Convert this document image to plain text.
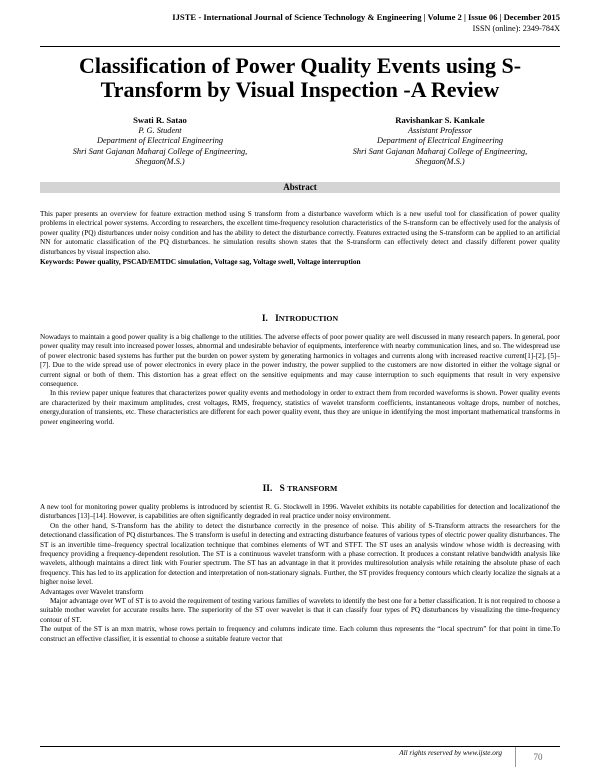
IJSTE - International Journal of Science Technology & Engineering | Volume 2 | Issue 06 | December 2015
ISSN (online): 2349-784X
Classification of Power Quality Events using S-Transform by Visual Inspection -A Review
Swati R. Satao
P. G. Student
Department of Electrical Engineering
Shri Sant Gajanan Maharaj College of Engineering,
Shegaon(M.S.)
Ravishankar S. Kankale
Assistant Professor
Department of Electrical Engineering
Shri Sant Gajanan Maharaj College of Engineering,
Shegaon(M.S.)
Abstract

This paper presents an overview for feature extraction method using S transform from a disturbance waveform which is a new useful tool for classification of power quality problems in electrical power systems. According to researchers, the excellent time-frequency resolution characteristics of the S-transform can be effectively used for the analysis of power quality (PQ) disturbances under noisy condition and has the ability to detect the disturbance correctly. Features extracted using the S-transform can be applied to an artificial NN for automatic classification of the PQ disturbances. he simulation results shown states that the S-transform can effectively detect and classify different power quality disturbances by visual inspection also.

Keywords: Power quality, PSCAD/EMTDC simulation, Voltage sag, Voltage swell, Voltage interruption

I. INTRODUCTION

Nowadays to maintain a good power quality is a big challenge to the utilities. The adverse effects of poor power quality are well discussed in many research papers. In general, poor power quality may result into increased power losses, abnormal and undesirable behavior of equipments, interference with nearby communication lines, and so. The widespread use of power electronic based systems has further put the burden on power system by generating harmonics in voltages and currents along with increased reactive current[1]-[2], [5]–[7]. Due to the wide spread use of power electronics in every place in the power industry, the power supplied to the customers are now distorted in either the voltage signal or current signal or both of them. This distortion has a great effect on the sensitive equipments and may cause interruption to such equipments that result in very expensive consequence.

In this review paper unique features that characterizes power quality events and methodology in order to extract them from recorded waveforms is shown. Power quality events are characterized by their maximum amplitudes, crest voltages, RMS, frequency, statistics of wavelet transform coefficients, instantaneous voltage drops, number of notches, energy,duration of transients, etc. These characteristics are different for each power quality event, thus they are unique in identifying the most important mathematical transforms in power engineering world.

II. S TRANSFORM

A new tool for monitoring power quality problems is introduced by scientist R. G. Stockwell in 1996. Wavelet exhibits its notable capabilities for detection and localizationof the disturbances [13]–[14]. However, is capabilities are often significantly degraded in real practice under noisy environment.

On the other hand, S-Transform has the ability to detect the disturbance correctly in the presence of noise. This ability of S-Transform attracts the researchers for the detectionand classification of PQ disturbances. The S transform is useful in detecting and extracting disturbance features of various types of electric power quality disturbances. The ST is an invertible time–frequency spectral localization technique that combines elements of WT and STFT. The ST uses an analysis window whose width is decreasing with frequency providing a frequency-dependent resolution. The ST is a continuous wavelet transform with a phase correction. It produces a constant relative bandwidth analysis like wavelets, although maintains a direct link with Fourier spectrum. The ST has an advantage in that it provides multiresolution analysis while retaining the absolute phase of each frequency. This has led to its application for detection and interpretation of non-stationary signals. Further, the ST provides frequency contours which clearly localize the signals at a higher noise level.

Advantages over Wavelet transform

Major advantage over WT of ST is to avoid the requirement of testing various families of wavelets to identify the best one for a better classification. It is not required to choose a suitable mother wavelet for accurate results here. The superiority of the ST over wavelet is that it can classify four types of PQ disturbances by visualizing the time-frequency contour of ST.

The output of the ST is an mxn matrix, whose rows pertain to frequency and columns indicate time. Each column thus represents the “local spectrum” for that point in time.To construct an effective classifier, it is essential to choose a suitable feature vector that

All rights reserved by www.ijste.org	70
